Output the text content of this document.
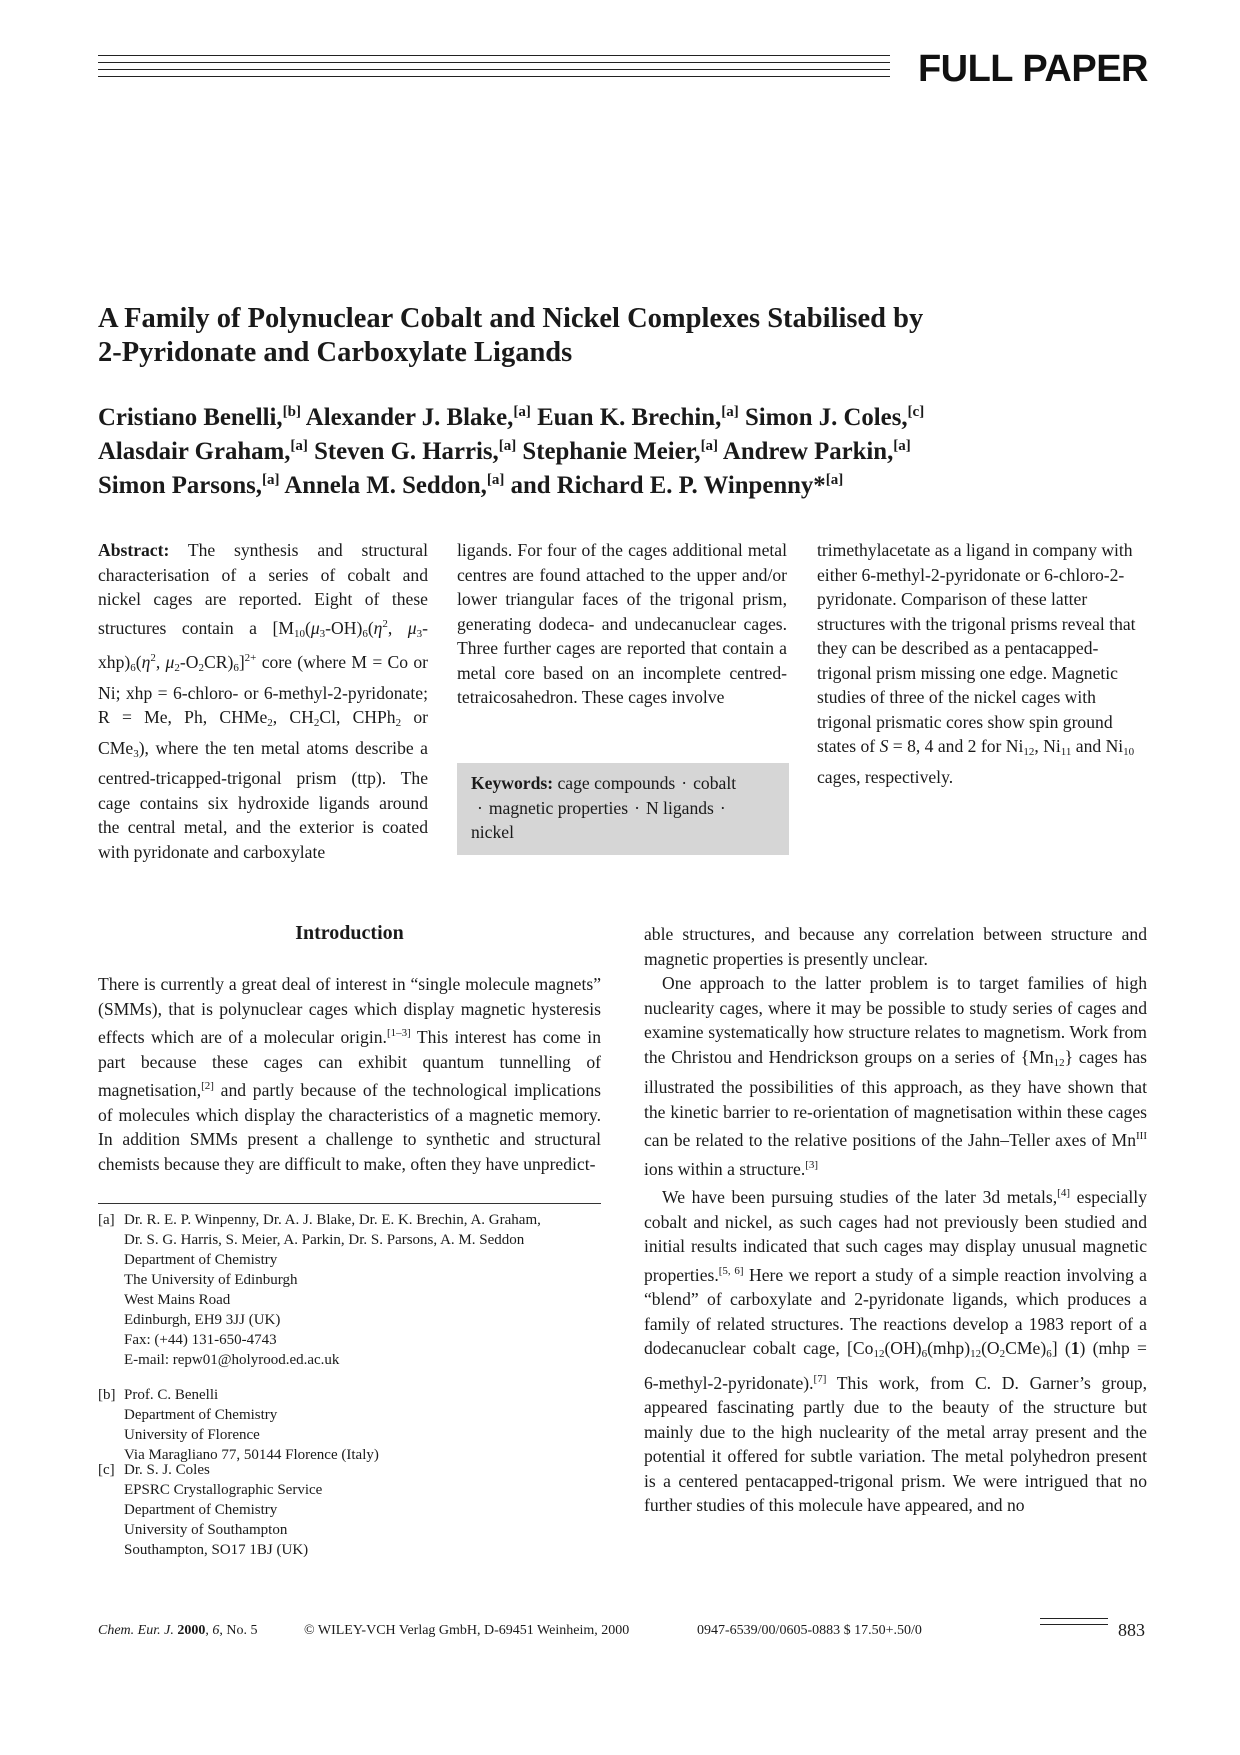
FULL PAPER
A Family of Polynuclear Cobalt and Nickel Complexes Stabilised by
2-Pyridonate and Carboxylate Ligands
Cristiano Benelli,[b] Alexander J. Blake,[a] Euan K. Brechin,[a] Simon J. Coles,[c]
Alasdair Graham,[a] Steven G. Harris,[a] Stephanie Meier,[a] Andrew Parkin,[a]
Simon Parsons,[a] Annela M. Seddon,[a] and Richard E. P. Winpenny*[a]
Abstract: The synthesis and structural characterisation of a series of cobalt and nickel cages are reported. Eight of these structures contain a [$M_{10}(\mu_3-OH)_6(\eta^2$, $\mu_3-xhp)_6(\eta^2$, $\mu_2-O_2CR)_6]^{2+}$ core (where M = Co or Ni; xhp = 6-chloro- or 6-methyl-2-pyridonate; R = Me, Ph, CHMe$_2$, $CH_2Cl$, CHPh$_2$ or CMe$_3$), where the ten metal atoms describe a centred-tricapped-trigonal prism (ttp). The cage contains six hydroxide ligands around the central metal, and the exterior is coated with pyridonate and carboxylate
ligands. For four of the cages additional metal centres are found attached to the upper and/or lower triangular faces of the trigonal prism, generating dodeca- and undecanuclear cages. Three further cages are reported that contain a metal core based on an incomplete centred-tetraicosahedron. These cages involve
Keywords: cage compounds · cobalt · magnetic properties · N ligands · nickel
trimethylacetate as a ligand in company with either 6-methyl-2-pyridonate or 6-chloro-2-pyridonate. Comparison of these latter structures with the trigonal prisms reveal that they can be described as a pentacapped-trigonal prism missing one edge. Magnetic studies of three of the nickel cages with trigonal prismatic cores show spin ground states of S = 8, 4 and 2 for $Ni_{12}$, $Ni_{11}$ and $Ni_{10}$ cages, respectively.
Introduction
There is currently a great deal of interest in “single molecule magnets” (SMMs), that is polynuclear cages which display magnetic hysteresis effects which are of a molecular origin.[1–3] This interest has come in part because these cages can exhibit quantum tunnelling of magnetisation,[2] and partly because of the technological implications of molecules which display the characteristics of a magnetic memory. In addition SMMs present a challenge to synthetic and structural chemists because they are difficult to make, often they have unpredict-
[a] Dr. R. E. P. Winpenny, Dr. A. J. Blake, Dr. E. K. Brechin, A. Graham,
Dr. S. G. Harris, S. Meier, A. Parkin, Dr. S. Parsons, A. M. Seddon
Department of Chemistry
The University of Edinburgh
West Mains Road
Edinburgh, EH9 3JJ (UK)
Fax: (+44) 131-650-4743
E-mail: repw01@holyrood.ed.ac.uk
[b] Prof. C. Benelli
Department of Chemistry
University of Florence
Via Maragliano 77, 50144 Florence (Italy)
[c] Dr. S. J. Coles
EPSRC Crystallographic Service
Department of Chemistry
University of Southampton
Southampton, SO17 1BJ (UK)
able structures, and because any correlation between structure and magnetic properties is presently unclear.
One approach to the latter problem is to target families of high nuclearity cages, where it may be possible to study series of cages and examine systematically how structure relates to magnetism. Work from the Christou and Hendrickson groups on a series of $\{Mn_{12}\}$ cages has illustrated the possibilities of this approach, as they have shown that the kinetic barrier to re-orientation of magnetisation within these cages can be related to the relative positions of the Jahn–Teller axes of $Mn^{III}$ ions within a structure.[3]
We have been pursuing studies of the later 3d metals,[4] especially cobalt and nickel, as such cages had not previously been studied and initial results indicated that such cages may display unusual magnetic properties.[5, 6] Here we report a study of a simple reaction involving a “blend” of carboxylate and 2-pyridonate ligands, which produces a family of related structures. The reactions develop a 1983 report of a dodecanuclear cobalt cage, $[Co_{12}(OH)_6(mhp)_{12}(O_2CMe)_6]$ (1) (mhp = 6-methyl-2-pyridonate).[7] This work, from C. D. Garner’s group, appeared fascinating partly due to the beauty of the structure but mainly due to the high nuclearity of the metal array present and the potential it offered for subtle variation. The metal polyhedron present is a centered pentacapped-trigonal prism. We were intrigued that no further studies of this molecule have appeared, and no
Chem. Eur. J. 2000, 6, No. 5	© WILEY-VCH Verlag GmbH, D-69451 Weinheim, 2000	0947-6539/00/0605-0883 $ 17.50+.50/0	883
